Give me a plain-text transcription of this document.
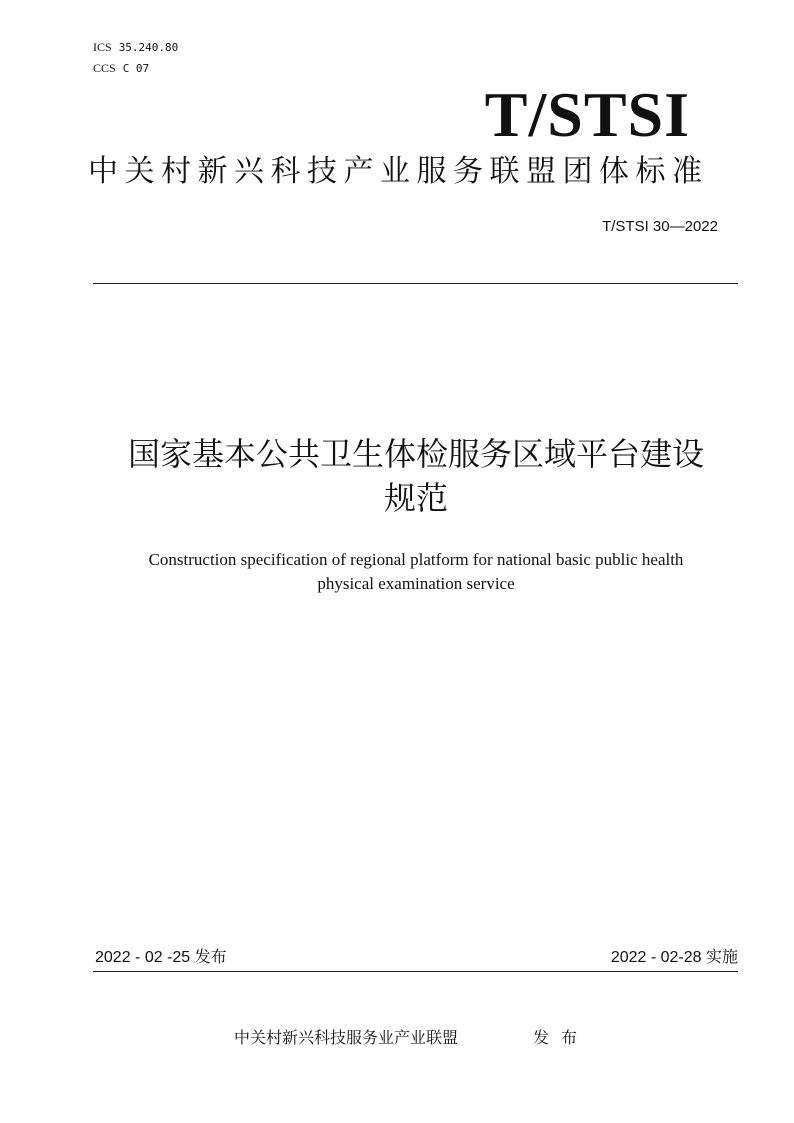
ICS 35.240.80
CCS C 07
T/STSI
中关村新兴科技产业服务联盟团体标准
T/STSI 30—2022
国家基本公共卫生体检服务区域平台建设
规范
Construction specification of regional platform for national basic public health
physical examination service
2022 - 02 -25 发布	2022 - 02-28 实施
中关村新兴科技服务业产业联盟	发布
